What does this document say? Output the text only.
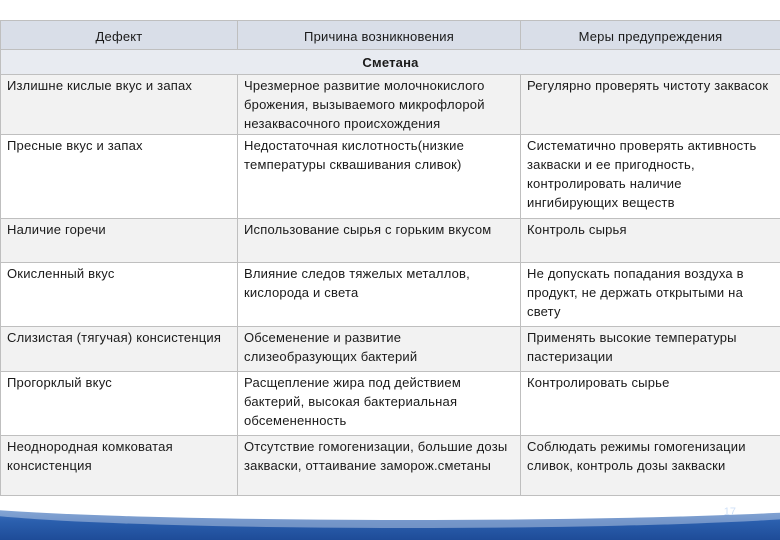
Дефект	Причина возникновения	Меры предупреждения
Сметана		
Излишне кислые вкус и запах	Чрезмерное развитие молочнокислого брожения, вызываемого микрофлорой незаквасочного происхождения	Регулярно проверять чистоту заквасок
Пресные вкус и запах	Недостаточная кислотность(низкие температуры сквашивания сливок)	Систематично проверять активность закваски и ее пригодность, контролировать наличие ингибирующих веществ
Наличие горечи	Использование сырья с горьким вкусом	Контроль сырья
Окисленный вкус	Влияние следов тяжелых металлов, кислорода и света	Не допускать попадания воздуха в продукт, не держать открытыми на свету
Слизистая (тягучая) консистенция	Обсеменение и развитие слизеобразующих бактерий	Применять высокие температуры пастеризации
Прогорклый вкус	Расщепление жира под действием бактерий, высокая бактериальная обсемененность	Контролировать сырье
Неоднородная комковатая консистенция	Отсутствие гомогенизации, большие дозы закваски, оттаивание заморож.сметаны	Соблюдать режимы гомогенизации сливок, контроль дозы закваски
17
